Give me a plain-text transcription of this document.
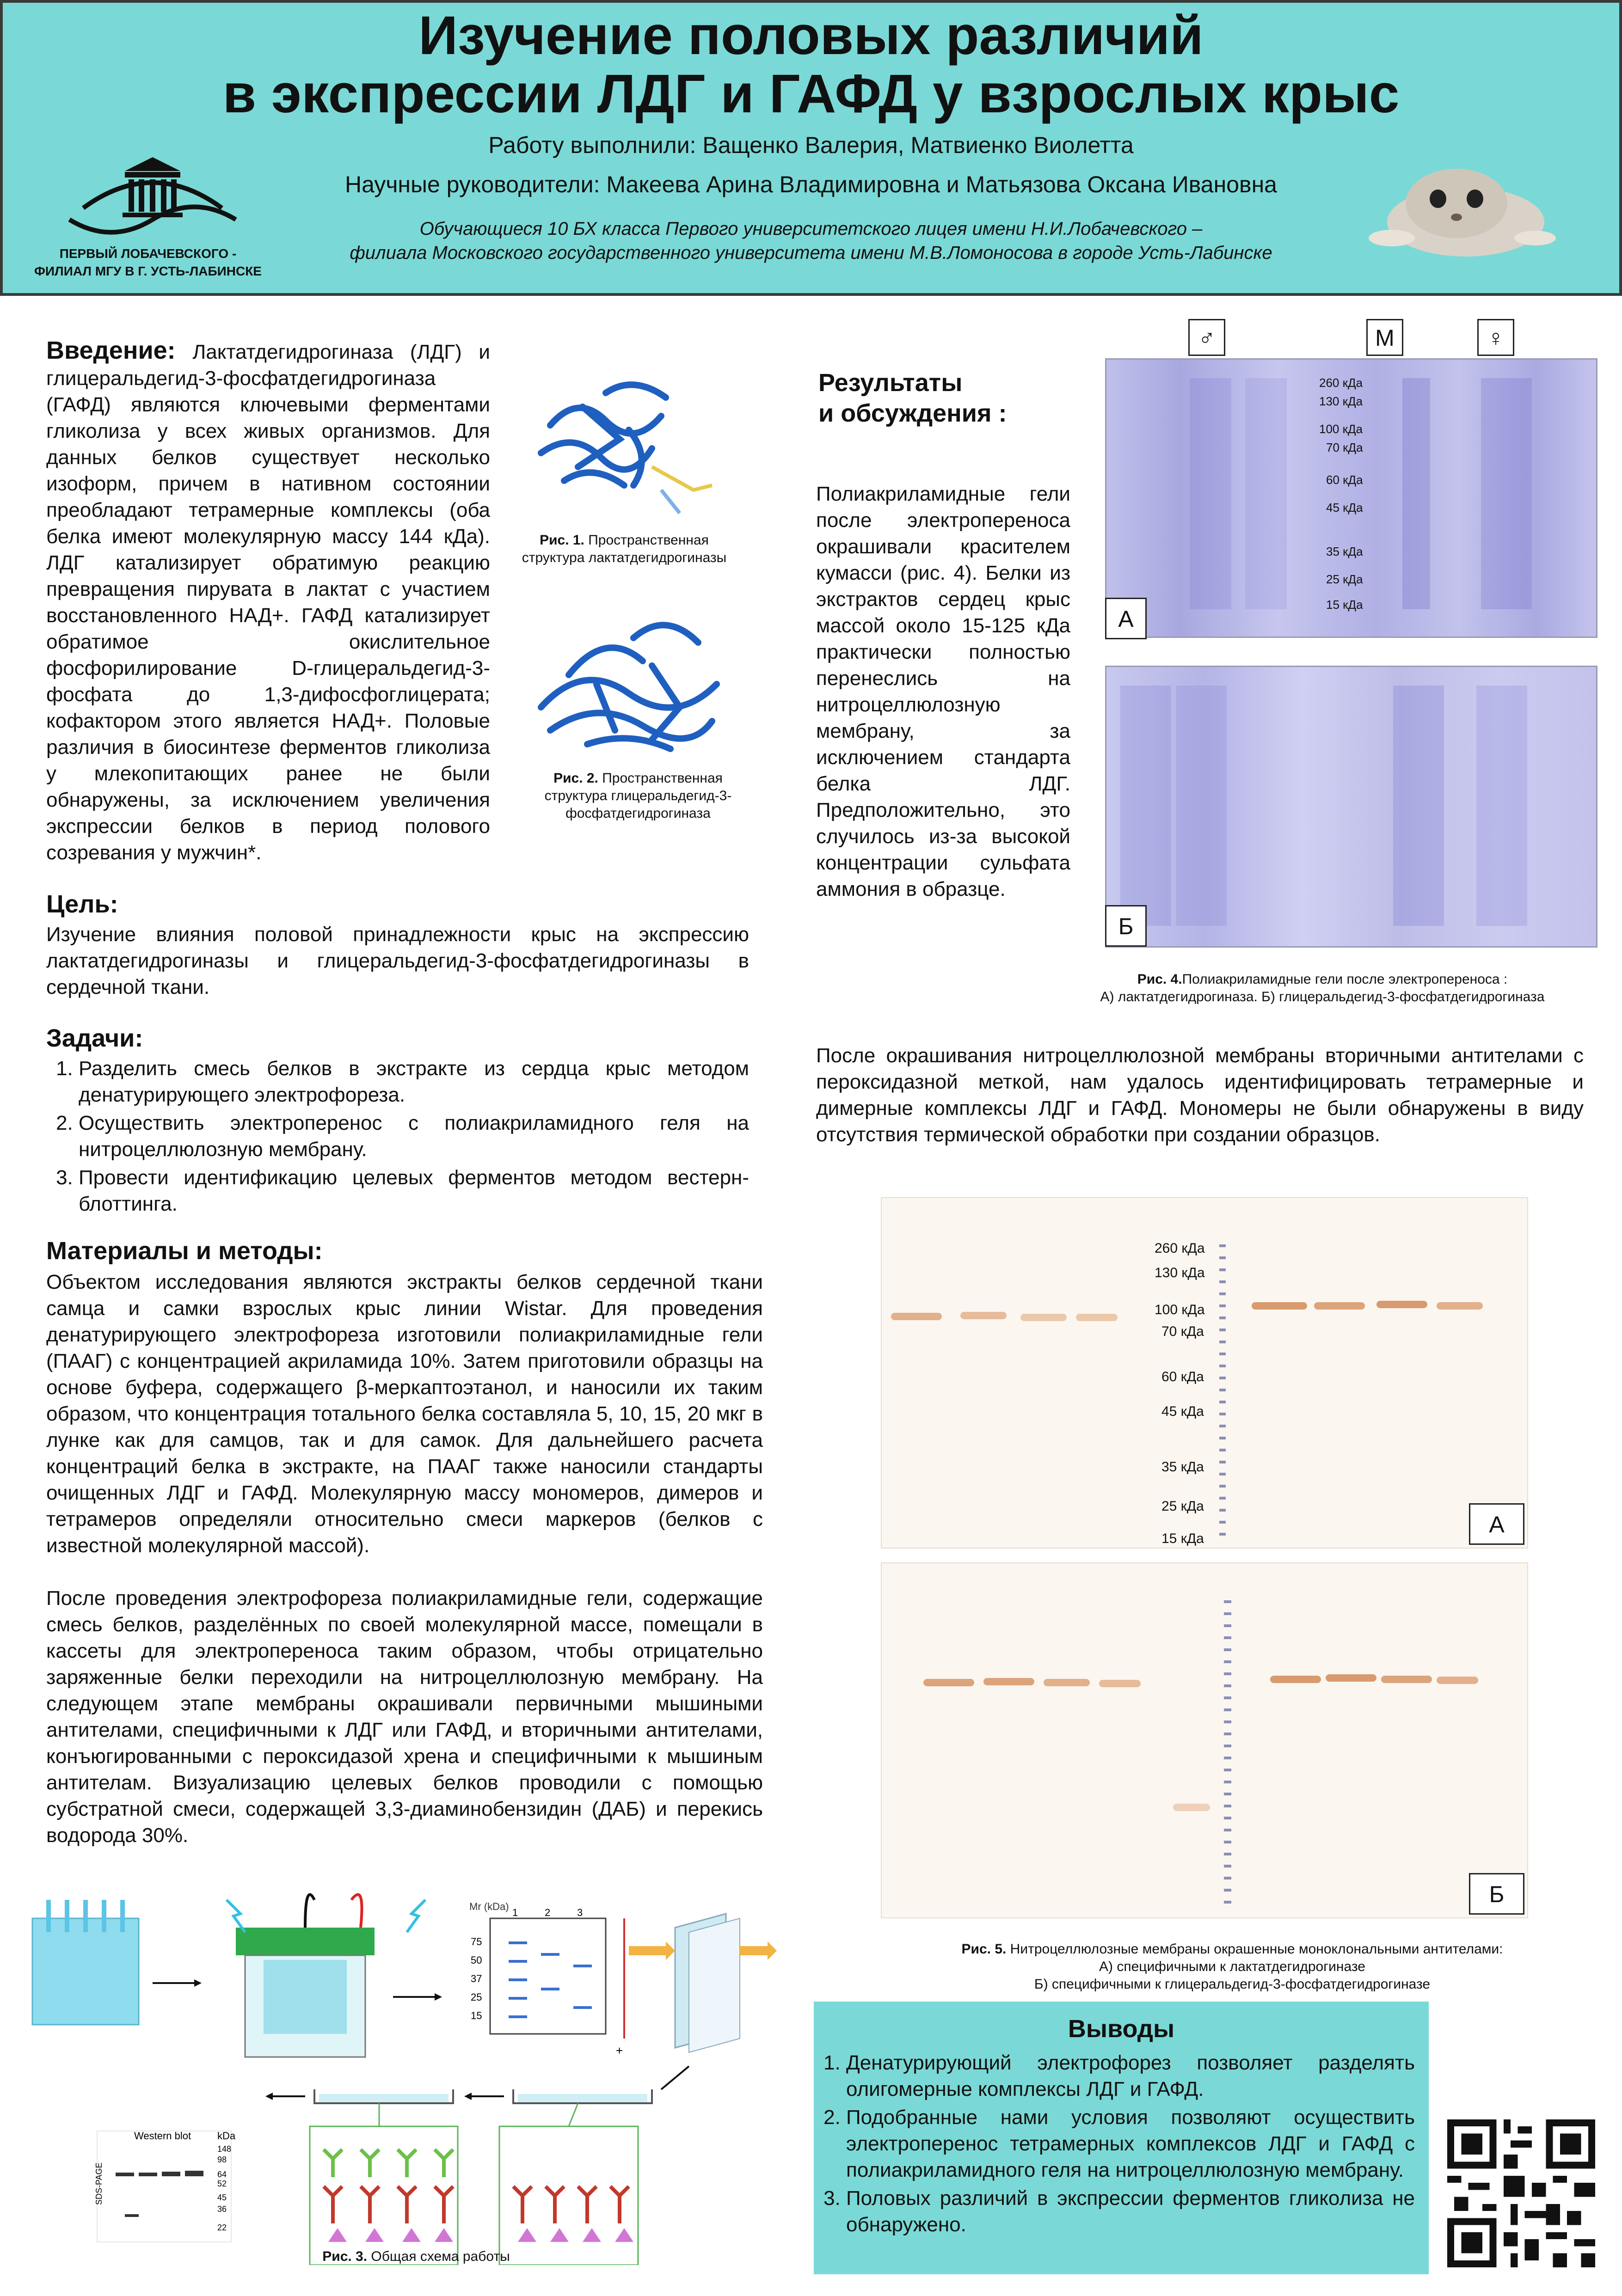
Изучение половых различий
в экспрессии ЛДГ и ГАФД у взрослых крыс
Работу выполнили: Ващенко Валерия, Матвиенко Виолетта
Научные руководители: Макеева Арина Владимировна и Матьязова Оксана Ивановна
Обучающиеся 10 БХ класса Первого университетского лицея имени Н.И.Лобачевского –
филиала Московского государственного университета имени М.В.Ломоносова в городе Усть-Лабинске
ПЕРВЫЙ ЛОБАЧЕВСКОГО -
ФИЛИАЛ МГУ В Г. УСТЬ-ЛАБИНСКЕ
Введение: Лактатдегидрогиназа (ЛДГ) и глицеральдегид-3-фосфатдегидрогиназа (ГАФД) являются ключевыми ферментами гликолиза у всех живых организмов. Для данных белков существует несколько изоформ, причем в нативном состоянии преобладают тетрамерные комплексы (оба белка имеют молекулярную массу 144 кДа). ЛДГ катализирует обратимую реакцию превращения пирувата в лактат с участием восстановленного НАД+. ГАФД катализирует обратимое окислительное фосфорилирование D-глицеральдегид-3-фосфата до 1,3-дифосфоглицерата; кофактором этого является НАД+. Половые различия в биосинтезе ферментов гликолиза у млекопитающих ранее не были обнаружены, за исключением увеличения экспрессии белков в период полового созревания у мужчин*.
Рис. 1. Пространственная структура лактатдегидрогиназы
Рис. 2. Пространственная структура глицеральдегид-3-фосфатдегидрогиназа
Цель:
Изучение влияния половой принадлежности крыс на экспрессию лактатдегидрогиназы и глицеральдегид-3-фосфатдегидрогиназы в сердечной ткани.
Задачи:
1. Разделить смесь белков в экстракте из сердца крыс методом денатурирующего электрофореза.
2. Осуществить электроперенос с полиакриламидного геля на нитроцеллюлозную мембрану.
3. Провести идентификацию целевых ферментов методом вестерн-блоттинга.
Материалы и методы:
Объектом исследования являются экстракты белков сердечной ткани самца и самки взрослых крыс линии Wistar. Для проведения денатурирующего электрофореза изготовили полиакриламидные гели (ПААГ) с концентрацией акриламида 10%. Затем приготовили образцы на основе буфера, содержащего β-меркаптоэтанол, и наносили их таким образом, что концентрация тотального белка составляла 5, 10, 15, 20 мкг в лунке как для самцов, так и для самок. Для дальнейшего расчета концентраций белка в экстракте, на ПААГ также наносили стандарты очищенных ЛДГ и ГАФД. Молекулярную массу мономеров, димеров и тетрамеров определяли относительно смеси маркеров (белков с известной молекулярной массой).
После проведения электрофореза полиакриламидные гели, содержащие смесь белков, разделённых по своей молекулярной массе, помещали в кассеты для электропереноса таким образом, чтобы отрицательно заряженные белки переходили на нитроцеллюлозную мембрану. На следующем этапе мембраны окрашивали первичными мышиными антителами, специфичными к ЛДГ или ГАФД, и вторичными антителами, конъюгированными с пероксидазой хрена и специфичными к мышиным антителам. Визуализацию целевых белков проводили с помощью субстратной смеси, содержащей 3,3-диаминобензидин (ДАБ) и перекись водорода 30%.
Mr (kDa)
1	2	3
75
50
37
25
15
+
Western blot	kDa
148
98
64
52
45
36
22
SDS-PAGE
Рис. 3. Общая схема работы
Результаты
и обсуждения :
Полиакриламидные гели после электропереноса окрашивали красителем кумасси (рис. 4). Белки из экстрактов сердец крыс массой около 15-125 кДа практически полностью перенеслись на нитроцеллюлозную мембрану, за исключением стандарта белка ЛДГ. Предположительно, это случилось из-за высокой концентрации сульфата аммония в образце.
♂	М	♀
260 кДа
130 кДа
100 кДа
70 кДа
60 кДа
45 кДа
35 кДа
25 кДа
15 кДа
А
Б
Рис. 4.Полиакриламидные гели после электропереноса :
А) лактатдегидрогиназа. Б) глицеральдегид-3-фосфатдегидрогиназа
После окрашивания нитроцеллюлозной мембраны вторичными антителами с пероксидазной меткой, нам удалось идентифицировать тетрамерные и димерные комплексы ЛДГ и ГАФД. Мономеры не были обнаружены в виду отсутствия термической обработки при создании образцов.
260 кДа
130 кДа
100 кДа
70 кДа
60 кДа
45 кДа
35 кДа
25 кДа
15 кДа
А
Б
Рис. 5. Нитроцеллюлозные мембраны окрашенные моноклональными антителами:
А) специфичными к лактатдегидрогиназе
Б) специфичными к глицеральдегид-3-фосфатдегидрогиназе
Выводы
1. Денатурирующий электрофорез позволяет разделять олигомерные комплексы ЛДГ и ГАФД.
2. Подобранные нами условия позволяют осуществить электроперенос тетрамерных комплексов ЛДГ и ГАФД с полиакриламидного геля на нитроцеллюлозную мембрану.
3. Половых различий в экспрессии ферментов гликолиза не обнаружено.
